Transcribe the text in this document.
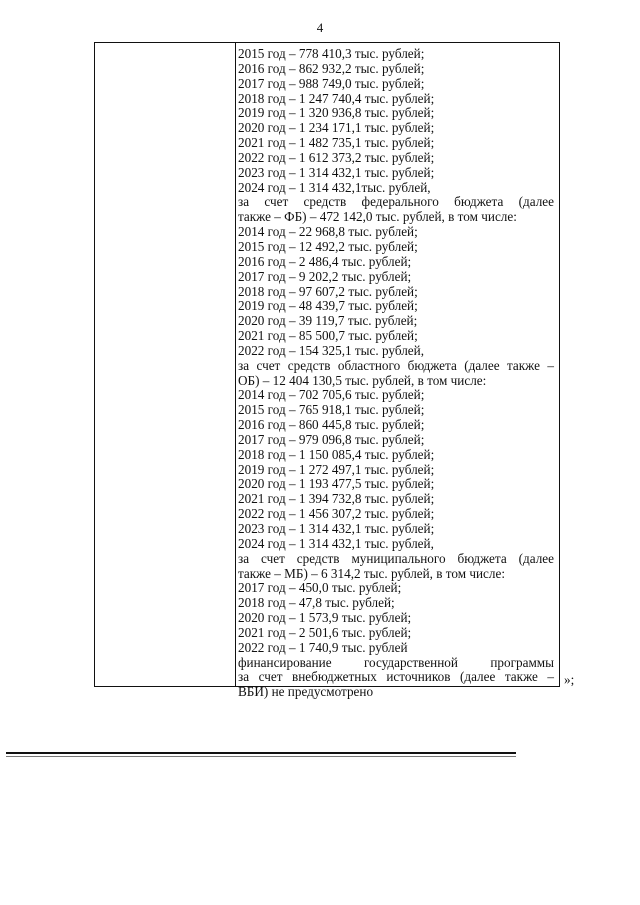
4
2015 год – 778 410,3 тыс. рублей;
2016 год – 862 932,2 тыс. рублей;
2017 год – 988 749,0 тыс. рублей;
2018 год – 1 247 740,4 тыс. рублей;
2019 год – 1 320 936,8 тыс. рублей;
2020 год – 1 234 171,1 тыс. рублей;
2021 год – 1 482 735,1 тыс. рублей;
2022 год – 1 612 373,2 тыс. рублей;
2023 год – 1 314 432,1 тыс. рублей;
2024 год – 1 314 432,1тыс. рублей,
за счет средств федерального бюджета (далее
также – ФБ) – 472 142,0 тыс. рублей, в том числе:
2014 год – 22 968,8 тыс. рублей;
2015 год – 12 492,2 тыс. рублей;
2016 год – 2 486,4 тыс. рублей;
2017 год – 9 202,2 тыс. рублей;
2018 год – 97 607,2 тыс. рублей;
2019 год – 48 439,7 тыс. рублей;
2020 год – 39 119,7 тыс. рублей;
2021 год – 85 500,7 тыс. рублей;
2022 год – 154 325,1 тыс. рублей,
за счет средств областного бюджета (далее также –
ОБ) – 12 404 130,5 тыс. рублей, в том числе:
2014 год – 702 705,6 тыс. рублей;
2015 год – 765 918,1 тыс. рублей;
2016 год – 860 445,8 тыс. рублей;
2017 год – 979 096,8 тыс. рублей;
2018 год – 1 150 085,4 тыс. рублей;
2019 год – 1 272 497,1 тыс. рублей;
2020 год – 1 193 477,5 тыс. рублей;
2021 год – 1 394 732,8 тыс. рублей;
2022 год – 1 456 307,2 тыс. рублей;
2023 год – 1 314 432,1 тыс. рублей;
2024 год – 1 314 432,1 тыс. рублей,
за счет средств муниципального бюджета (далее
также – МБ) – 6 314,2 тыс. рублей, в том числе:
2017 год – 450,0 тыс. рублей;
2018 год – 47,8 тыс. рублей;
2020 год – 1 573,9 тыс. рублей;
2021 год – 2 501,6 тыс. рублей;
2022 год – 1 740,9 тыс. рублей
финансирование государственной программы
за счет внебюджетных источников (далее также –
ВБИ) не предусмотрено
»;
